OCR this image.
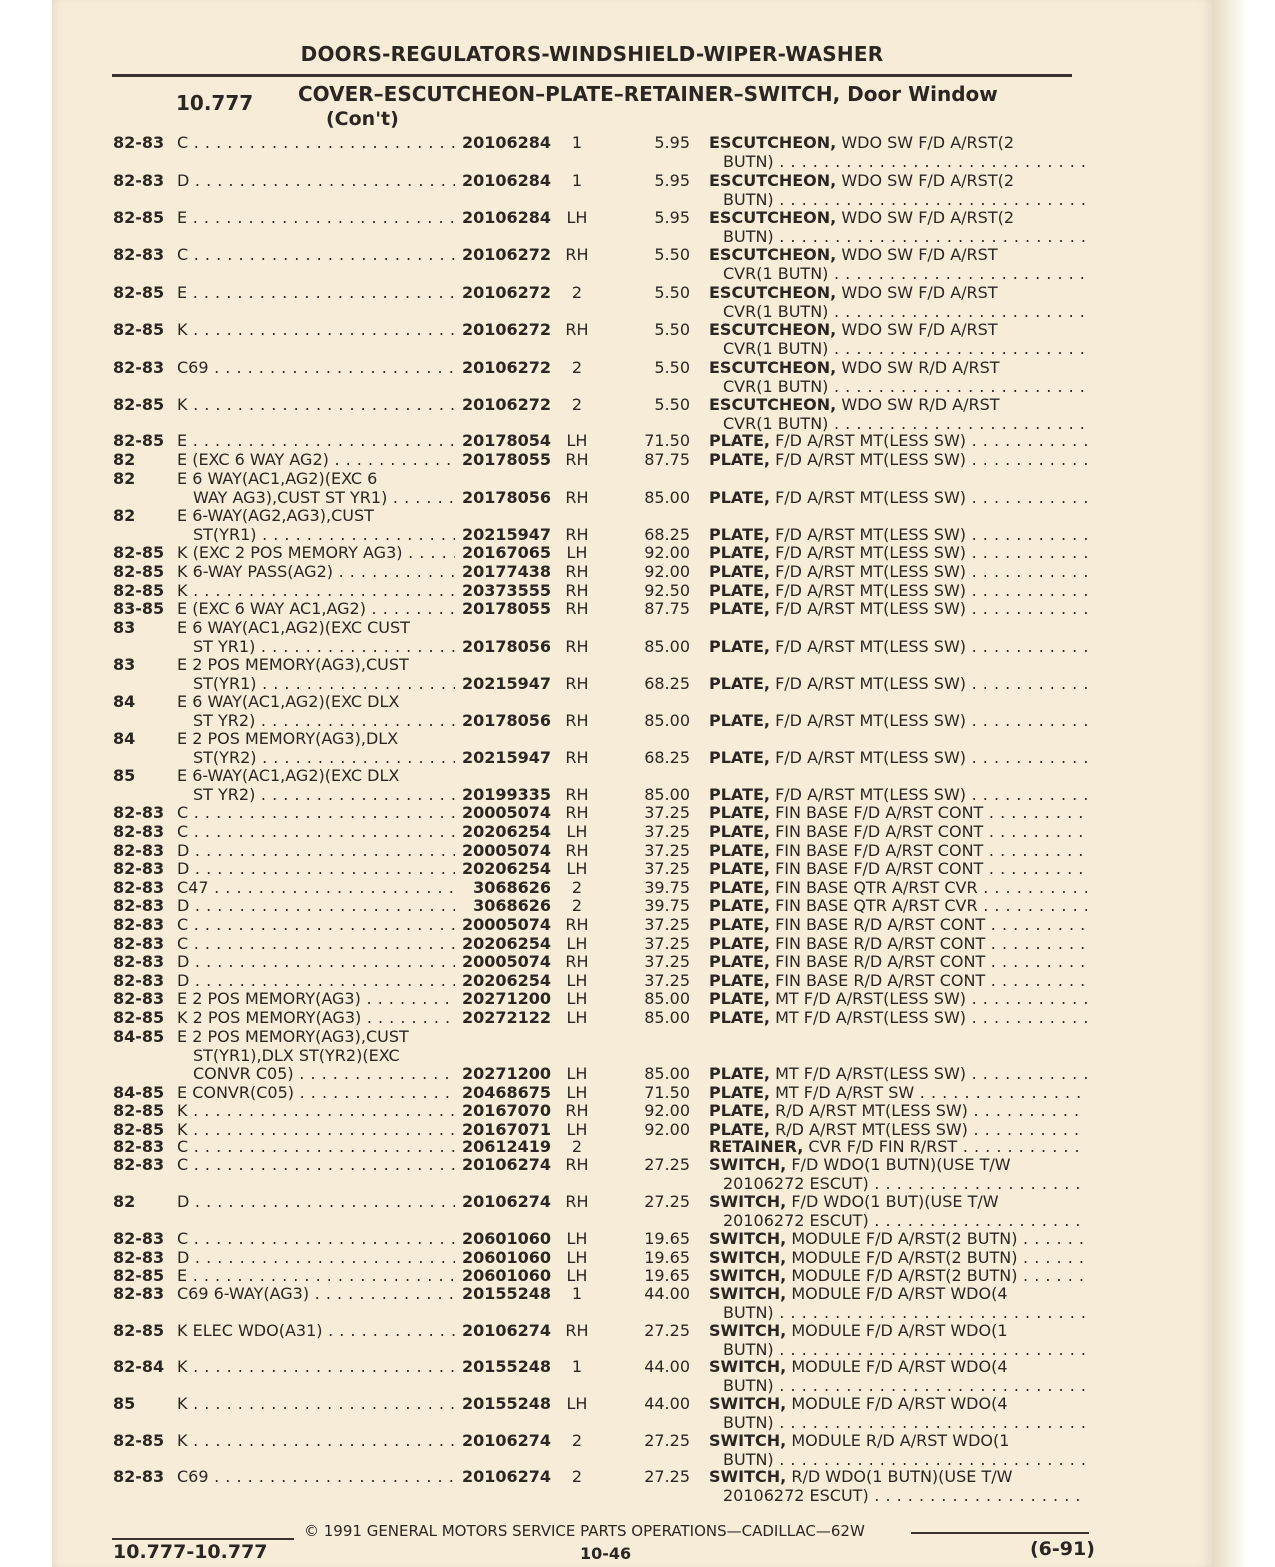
DOORS-REGULATORS-WINDSHIELD-WIPER-WASHER
10.777 COVER–ESCUTCHEON–PLATE–RETAINER–SWITCH, Door Window
(Con't)
82-83 C . . .	20106284	1	5.95 ESCUTCHEON, WDO SW F/D A/RST(2
BUTN) . . .
82-83 D . . .	20106284	1	5.95 ESCUTCHEON, WDO SW F/D A/RST(2
BUTN) . . .
82-85 E . . .	20106284 LH	5.95 ESCUTCHEON, WDO SW F/D A/RST(2
BUTN) . . .
82-83 C . . .	20106272 RH	5.50 ESCUTCHEON, WDO SW F/D A/RST
CVR(1 BUTN) . . .
82-85 E . . .	20106272	2	5.50 ESCUTCHEON, WDO SW F/D A/RST
CVR(1 BUTN) . . .
82-85 K . . .	20106272 RH	5.50 ESCUTCHEON, WDO SW F/D A/RST
CVR(1 BUTN) . . .
82-83 C69 . . .	20106272	2	5.50 ESCUTCHEON, WDO SW R/D A/RST
CVR(1 BUTN) . . .
82-85 K . . .	20106272	2	5.50 ESCUTCHEON, WDO SW R/D A/RST
CVR(1 BUTN) . . .
82-85 E . . .	20178054 LH	71.50 PLATE, F/D A/RST MT(LESS SW) . . .
82	E (EXC 6 WAY AG2) . . .	20178055 RH	87.75 PLATE, F/D A/RST MT(LESS SW) . . .
82	E 6 WAY(AC1,AG2)(EXC 6
WAY AG3),CUST ST YR1) . . .	20178056 RH	85.00 PLATE, F/D A/RST MT(LESS SW) . . .
82	E 6-WAY(AG2,AG3),CUST
ST(YR1) . . .	20215947 RH	68.25 PLATE, F/D A/RST MT(LESS SW) . . .
82-85 K (EXC 2 POS MEMORY AG3) . . .	20167065 LH	92.00 PLATE, F/D A/RST MT(LESS SW) . . .
82-85 K 6-WAY PASS(AG2) . . .	20177438 RH	92.00 PLATE, F/D A/RST MT(LESS SW) . . .
82-85 K . . .	20373555 RH	92.50 PLATE, F/D A/RST MT(LESS SW) . . .
83-85 E (EXC 6 WAY AC1,AG2) . . .	20178055 RH	87.75 PLATE, F/D A/RST MT(LESS SW) . . .
83	E 6 WAY(AC1,AG2)(EXC CUST
ST YR1) . . .	20178056 RH	85.00 PLATE, F/D A/RST MT(LESS SW) . . .
83	E 2 POS MEMORY(AG3),CUST
ST(YR1) . . .	20215947 RH	68.25 PLATE, F/D A/RST MT(LESS SW) . . .
84	E 6 WAY(AC1,AG2)(EXC DLX
ST YR2) . . .	20178056 RH	85.00 PLATE, F/D A/RST MT(LESS SW) . . .
84	E 2 POS MEMORY(AG3),DLX
ST(YR2) . . .	20215947 RH	68.25 PLATE, F/D A/RST MT(LESS SW) . . .
85	E 6-WAY(AC1,AG2)(EXC DLX
ST YR2) . . .	20199335 RH	85.00 PLATE, F/D A/RST MT(LESS SW) . . .
82-83 C . . .	20005074 RH	37.25 PLATE, FIN BASE F/D A/RST CONT . . .
82-83 C . . .	20206254 LH	37.25 PLATE, FIN BASE F/D A/RST CONT . . .
82-83 D . . .	20005074 RH	37.25 PLATE, FIN BASE F/D A/RST CONT . . .
82-83 D . . .	20206254 LH	37.25 PLATE, FIN BASE F/D A/RST CONT . . .
82-83 C47 . . .	3068626	2	39.75 PLATE, FIN BASE QTR A/RST CVR . . .
82-83 D . . .	3068626	2	39.75 PLATE, FIN BASE QTR A/RST CVR . . .
82-83 C . . .	20005074 RH	37.25 PLATE, FIN BASE R/D A/RST CONT . . .
82-83 C . . .	20206254 LH	37.25 PLATE, FIN BASE R/D A/RST CONT . . .
82-83 D . . .	20005074 RH	37.25 PLATE, FIN BASE R/D A/RST CONT . . .
82-83 D . . .	20206254 LH	37.25 PLATE, FIN BASE R/D A/RST CONT . . .
82-83 E 2 POS MEMORY(AG3) . . .	20271200 LH	85.00 PLATE, MT F/D A/RST(LESS SW) . . .
82-85 K 2 POS MEMORY(AG3) . . .	20272122 LH	85.00 PLATE, MT F/D A/RST(LESS SW) . . .
84-85 E 2 POS MEMORY(AG3),CUST
ST(YR1),DLX ST(YR2)(EXC
CONVR C05) . . .	20271200 LH	85.00 PLATE, MT F/D A/RST(LESS SW) . . .
84-85 E CONVR(C05) . . .	20468675 LH	71.50 PLATE, MT F/D A/RST SW . . .
82-85 K . . .	20167070 RH	92.00 PLATE, R/D A/RST MT(LESS SW) . . .
82-85 K . . .	20167071 LH	92.00 PLATE, R/D A/RST MT(LESS SW) . . .
82-83 C . . .	20612419	2	RETAINER, CVR F/D FIN R/RST . . .
82-83 C . . .	20106274 RH	27.25 SWITCH, F/D WDO(1 BUTN)(USE T/W
20106272 ESCUT) . . .
82	D . . .	20106274 RH	27.25 SWITCH, F/D WDO(1 BUT)(USE T/W
20106272 ESCUT) . . .
82-83 C . . .	20601060 LH	19.65 SWITCH, MODULE F/D A/RST(2 BUTN) . . .
82-83 D . . .	20601060 LH	19.65 SWITCH, MODULE F/D A/RST(2 BUTN) . . .
82-85 E . . .	20601060 LH	19.65 SWITCH, MODULE F/D A/RST(2 BUTN) . . .
82-83 C69 6-WAY(AG3) . . .	20155248	1	44.00 SWITCH, MODULE F/D A/RST WDO(4
BUTN) . . .
82-85 K ELEC WDO(A31) . . .	20106274 RH	27.25 SWITCH, MODULE F/D A/RST WDO(1
BUTN) . . .
82-84 K . . .	20155248	1	44.00 SWITCH, MODULE F/D A/RST WDO(4
BUTN) . . .
85	K . . .	20155248 LH	44.00 SWITCH, MODULE F/D A/RST WDO(4
BUTN) . . .
82-85 K . . .	20106274	2	27.25 SWITCH, MODULE R/D A/RST WDO(1
BUTN) . . .
82-83 C69 . . .	20106274	2	27.25 SWITCH, R/D WDO(1 BUTN)(USE T/W
20106272 ESCUT) . . .
© 1991 GENERAL MOTORS SERVICE PARTS OPERATIONS—CADILLAC—62W
10.777-10.777	10-46	(6-91)
